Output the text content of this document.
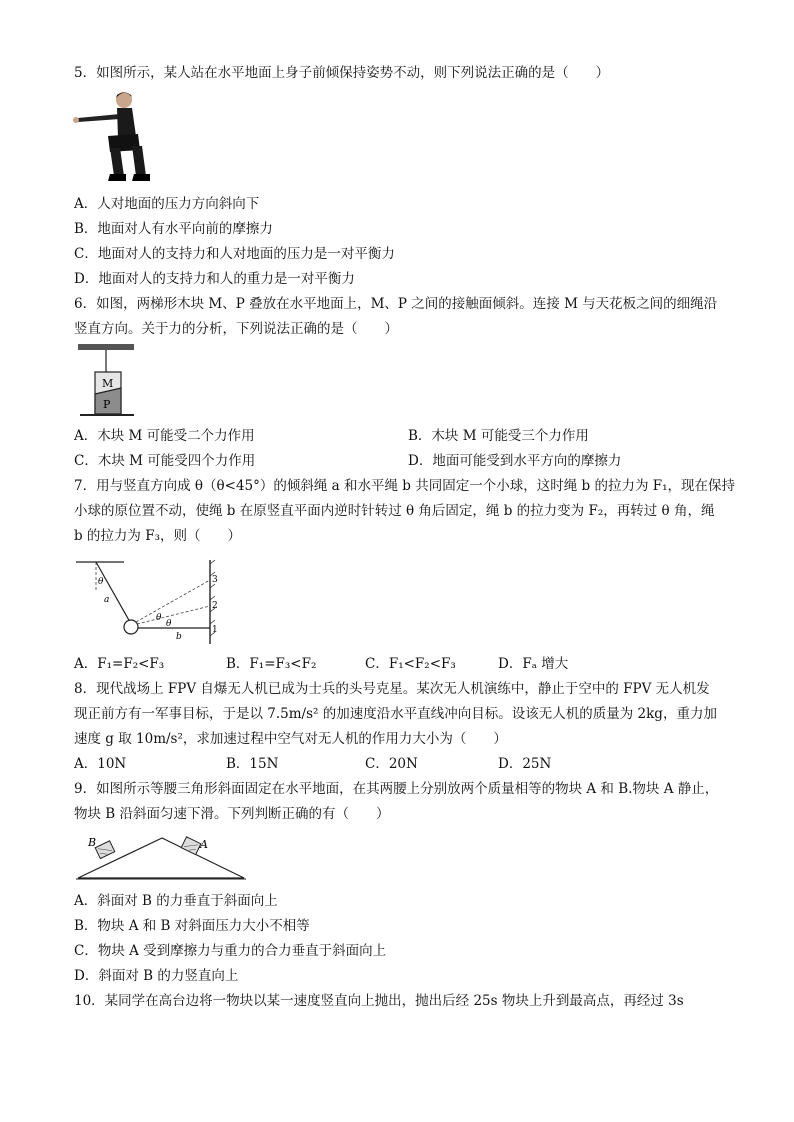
5．如图所示，某人站在水平地面上身子前倾保持姿势不动，则下列说法正确的是（　　）
A．人对地面的压力方向斜向下
B．地面对人有水平向前的摩擦力
C．地面对人的支持力和人对地面的压力是一对平衡力
D．地面对人的支持力和人的重力是一对平衡力
6．如图，两梯形木块 M、P 叠放在水平地面上，M、P 之间的接触面倾斜。连接 M 与天花板之间的细绳沿
竖直方向。关于力的分析，下列说法正确的是（　　）
M
P
A．木块 M 可能受二个力作用	B．木块 M 可能受三个力作用
C．木块 M 可能受四个力作用	D．地面可能受到水平方向的摩擦力
7．用与竖直方向成 θ（θ<45°）的倾斜绳 a 和水平绳 b 共同固定一个小球，这时绳 b 的拉力为 F₁，现在保持
小球的原位置不动，使绳 b 在原竖直平面内逆时针转过 θ 角后固定，绳 b 的拉力变为 F₂，再转过 θ 角，绳
b 的拉力为 F₃，则（　　）
θ
a
θ
θ
b
3
2
1
A．F₁=F₂<F₃	B．F₁=F₃<F₂	C．F₁<F₂<F₃	D．Fₐ 增大
8．现代战场上 FPV 自爆无人机已成为士兵的头号克星。某次无人机演练中，静止于空中的 FPV 无人机发
现正前方有一军事目标，于是以 7.5m/s² 的加速度沿水平直线冲向目标。设该无人机的质量为 2kg，重力加
速度 g 取 10m/s²，求加速过程中空气对无人机的作用力大小为（　　）
A．10N	B．15N	C．20N	D．25N
9．如图所示等腰三角形斜面固定在水平地面，在其两腰上分别放两个质量相等的物块 A 和 B.物块 A 静止，
物块 B 沿斜面匀速下滑。下列判断正确的有（　　）
B	A
A．斜面对 B 的力垂直于斜面向上
B．物块 A 和 B 对斜面压力大小不相等
C．物块 A 受到摩擦力与重力的合力垂直于斜面向上
D．斜面对 B 的力竖直向上
10．某同学在高台边将一物块以某一速度竖直向上抛出，抛出后经 25s 物块上升到最高点，再经过 3s
